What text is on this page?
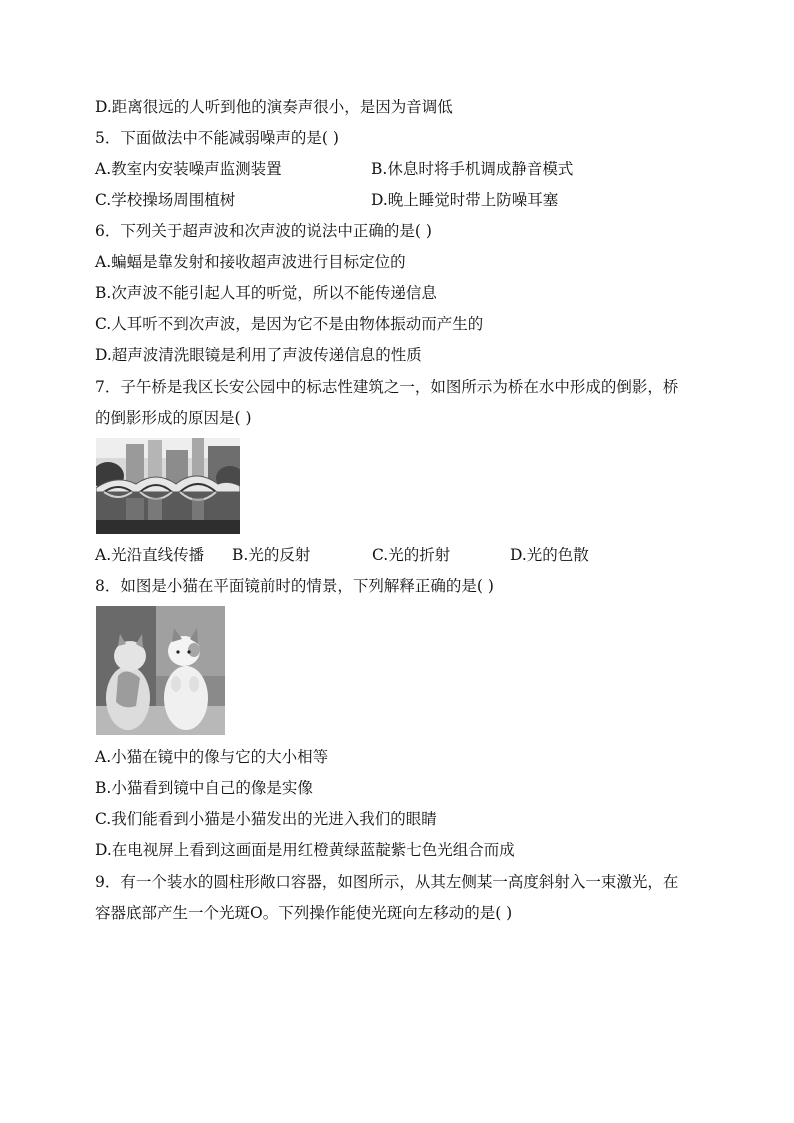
D.距离很远的人听到他的演奏声很小，是因为音调低
5．下面做法中不能减弱噪声的是( )
A.教室内安装噪声监测装置	B.休息时将手机调成静音模式
C.学校操场周围植树	D.晚上睡觉时带上防噪耳塞
6．下列关于超声波和次声波的说法中正确的是( )
A.蝙蝠是靠发射和接收超声波进行目标定位的
B.次声波不能引起人耳的听觉，所以不能传递信息
C.人耳听不到次声波，是因为它不是由物体振动而产生的
D.超声波清洗眼镜是利用了声波传递信息的性质
7．子午桥是我区长安公园中的标志性建筑之一，如图所示为桥在水中形成的倒影，桥
的倒影形成的原因是( )
A.光沿直线传播 B.光的反射	C.光的折射	D.光的色散
8．如图是小猫在平面镜前时的情景，下列解释正确的是( )
A.小猫在镜中的像与它的大小相等
B.小猫看到镜中自己的像是实像
C.我们能看到小猫是小猫发出的光进入我们的眼睛
D.在电视屏上看到这画面是用红橙黄绿蓝靛紫七色光组合而成
9．有一个装水的圆柱形敞口容器，如图所示，从其左侧某一高度斜射入一束激光，在
容器底部产生一个光斑O。下列操作能使光斑向左移动的是( )
